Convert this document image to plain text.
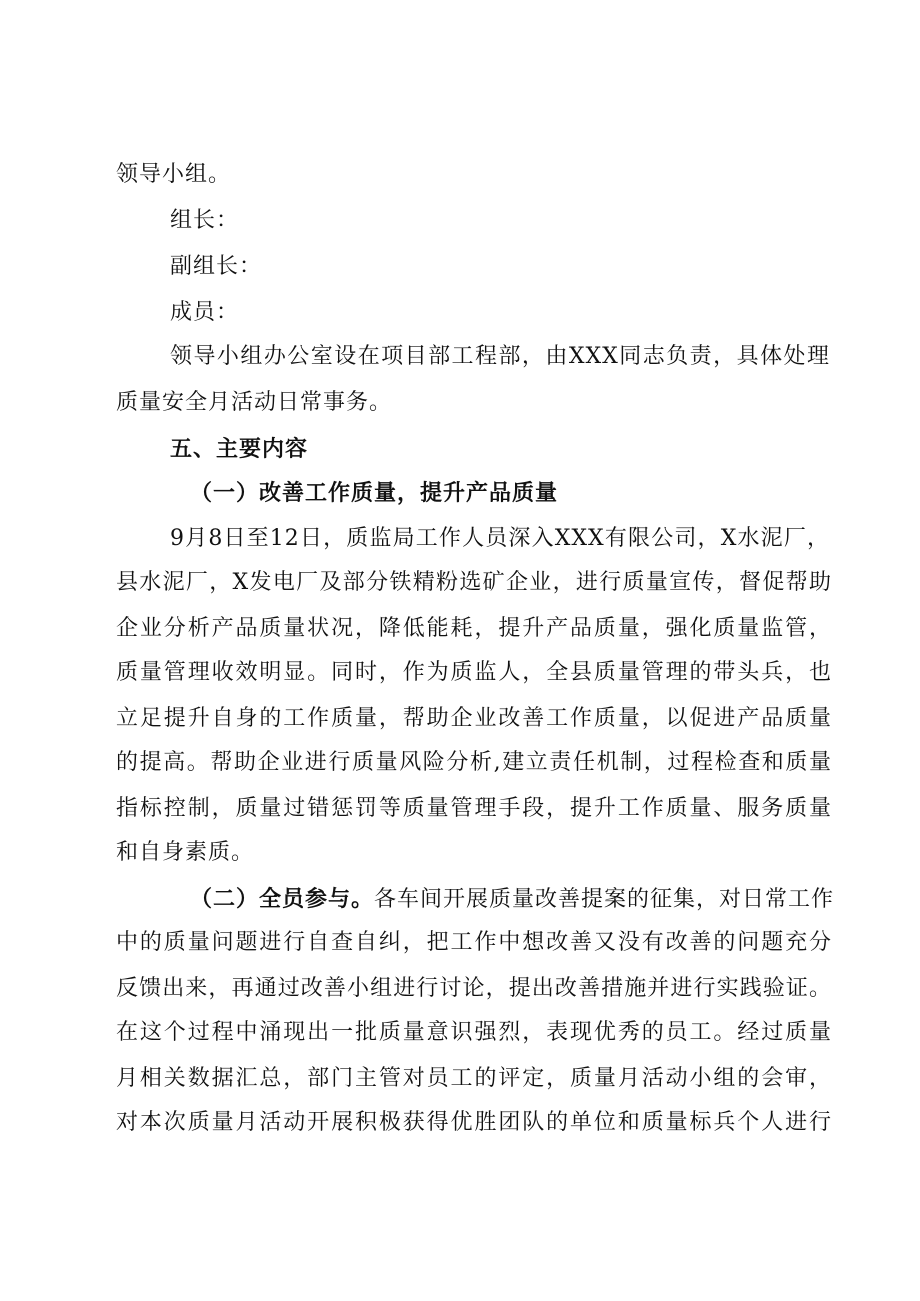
领导小组。
组长：
副组长：
成员：
领导小组办公室设在项目部工程部，由XXX同志负责，具体处理
质量安全月活动日常事务。
五、主要内容
（一）改善工作质量，提升产品质量
9月8日至12日，质监局工作人员深入XXX有限公司，X水泥厂，
县水泥厂，X发电厂及部分铁精粉选矿企业，进行质量宣传，督促帮助
企业分析产品质量状况，降低能耗，提升产品质量，强化质量监管，
质量管理收效明显。同时，作为质监人，全县质量管理的带头兵，也
立足提升自身的工作质量，帮助企业改善工作质量，以促进产品质量
的提高。帮助企业进行质量风险分析,建立责任机制，过程检查和质量
指标控制，质量过错惩罚等质量管理手段，提升工作质量、服务质量
和自身素质。
（二）全员参与。各车间开展质量改善提案的征集，对日常工作
中的质量问题进行自查自纠，把工作中想改善又没有改善的问题充分
反馈出来，再通过改善小组进行讨论，提出改善措施并进行实践验证。
在这个过程中涌现出一批质量意识强烈，表现优秀的员工。经过质量
月相关数据汇总，部门主管对员工的评定，质量月活动小组的会审，
对本次质量月活动开展积极获得优胜团队的单位和质量标兵个人进行
